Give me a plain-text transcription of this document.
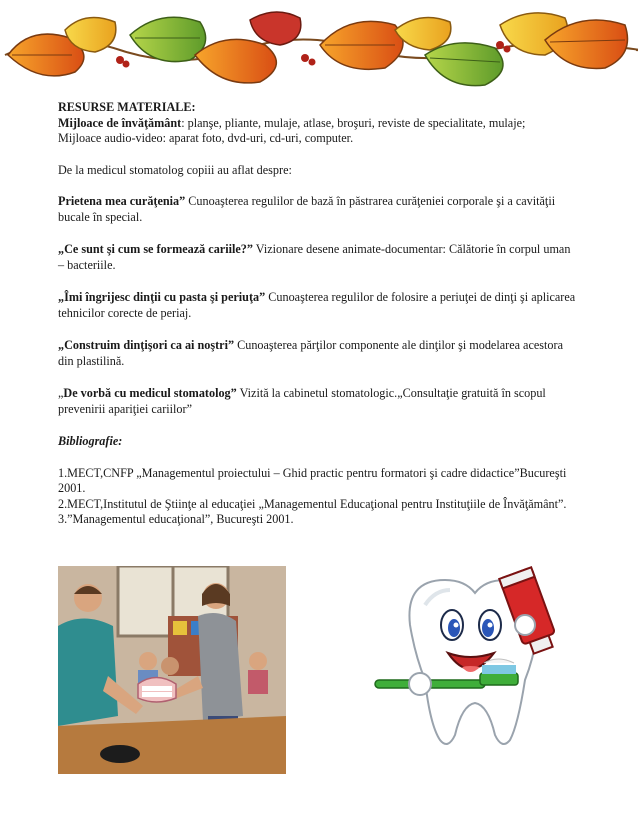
RESURSE MATERIALE:

Mijloace de învăţământ: planşe, pliante, mulaje, atlase, broşuri, reviste de specialitate, mulaje;

Mijloace audio-video: aparat foto, dvd-uri, cd-uri, computer.

De la medicul stomatolog copiii au aflat despre:

Prietena mea curăţenia” Cunoaşterea regulilor de bază în păstrarea curăţeniei corporale şi a cavităţii bucale în special.

„Ce sunt şi cum se formează cariile?” Vizionare desene animate-documentar: Călătorie în corpul uman – bacteriile.

„Îmi îngrijesc dinţii cu pasta şi periuţa” Cunoaşterea regulilor de folosire a periuţei de dinţi şi aplicarea tehnicilor corecte de periaj.

„Construim dinţişori ca ai noştri” Cunoaşterea părţilor componente ale dinţilor şi modelarea acestora din plastilină.

„De vorbă cu medicul stomatolog” Vizită la cabinetul stomatologic.„Consultaţie gratuită în scopul prevenirii apariţiei cariilor”

Bibliografie:

1.MECT,CNFP „Managementul proiectului – Ghid practic pentru formatori şi cadre didactice”Bucureşti 2001.

2.MECT,Institutul de Ştiinţe al educaţiei „Managementul Educaţional pentru Instituţiile de Învăţământ”.

3.”Managementul educaţional”, Bucureşti 2001.
